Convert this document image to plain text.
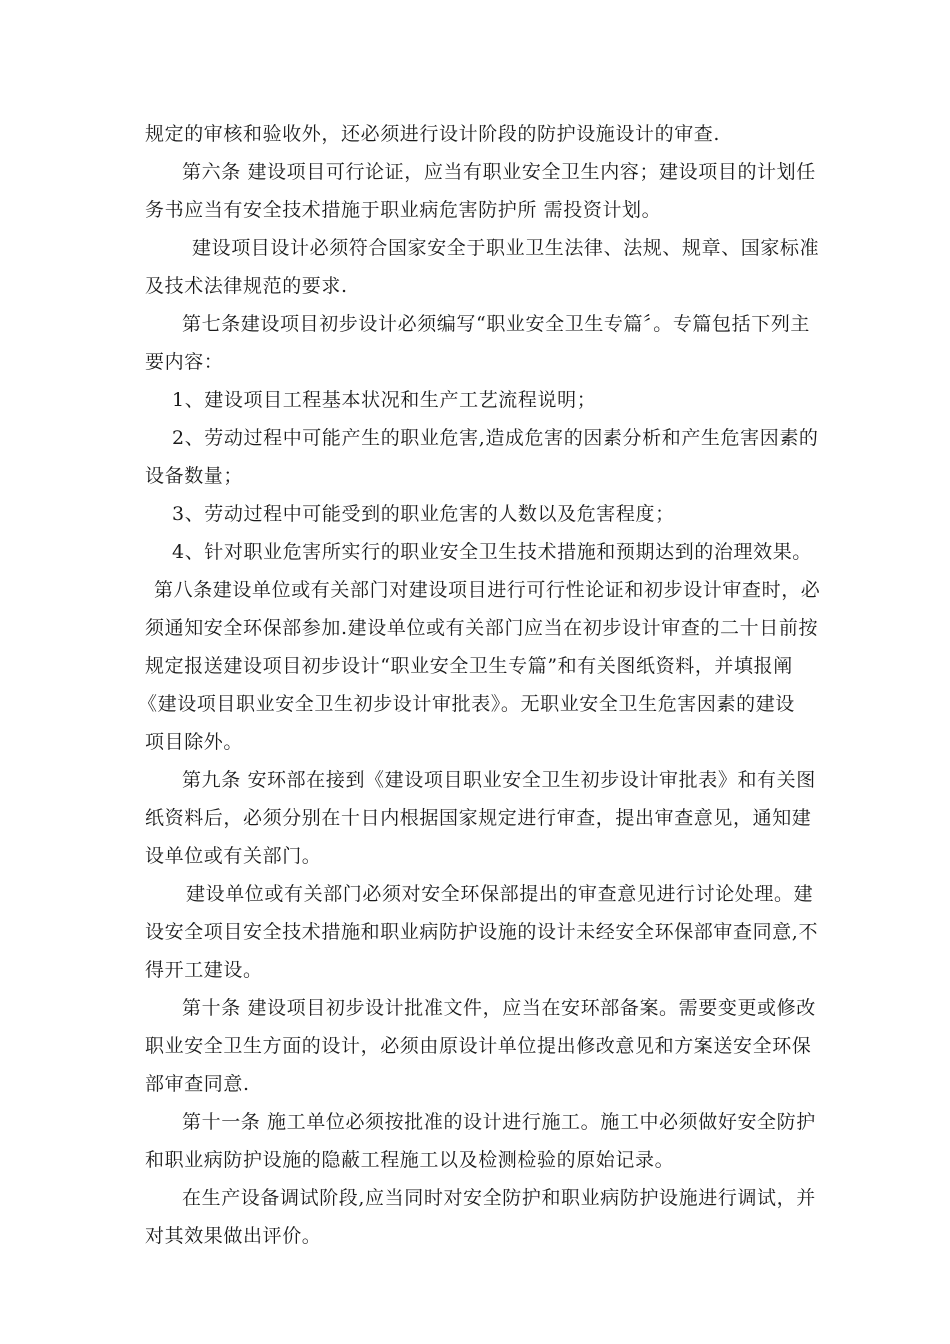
规定的审核和验收外，还必须进行设计阶段的防护设施设计的审查.
第六条 建设项目可行论证，应当有职业安全卫生内容；建设项目的计划任
务书应当有安全技术措施于职业病危害防护所 需投资计划。
建设项目设计必须符合国家安全于职业卫生法律、法规、规章、国家标准
及技术法律规范的要求.
第七条建设项目初步设计必须编写“职业安全卫生专篇〞。专篇包括下列主
要内容：
1、建设项目工程基本状况和生产工艺流程说明；
2、劳动过程中可能产生的职业危害,造成危害的因素分析和产生危害因素的
设备数量；
3、劳动过程中可能受到的职业危害的人数以及危害程度；
4、针对职业危害所实行的职业安全卫生技术措施和预期达到的治理效果。
第八条建设单位或有关部门对建设项目进行可行性论证和初步设计审查时，必
须通知安全环保部参加.建设单位或有关部门应当在初步设计审查的二十日前按
规定报送建设项目初步设计“职业安全卫生专篇”和有关图纸资料，并填报阐
《建设项目职业安全卫生初步设计审批表》。无职业安全卫生危害因素的建设
项目除外。
第九条 安环部在接到《建设项目职业安全卫生初步设计审批表》和有关图
纸资料后，必须分别在十日内根据国家规定进行审查，提出审查意见，通知建
设单位或有关部门。
建设单位或有关部门必须对安全环保部提出的审查意见进行讨论处理。建
设安全项目安全技术措施和职业病防护设施的设计未经安全环保部审查同意,不
得开工建设。
第十条 建设项目初步设计批准文件，应当在安环部备案。需要变更或修改
职业安全卫生方面的设计，必须由原设计单位提出修改意见和方案送安全环保
部审查同意.
第十一条 施工单位必须按批准的设计进行施工。施工中必须做好安全防护
和职业病防护设施的隐蔽工程施工以及检测检验的原始记录。
在生产设备调试阶段,应当同时对安全防护和职业病防护设施进行调试，并
对其效果做出评价。
